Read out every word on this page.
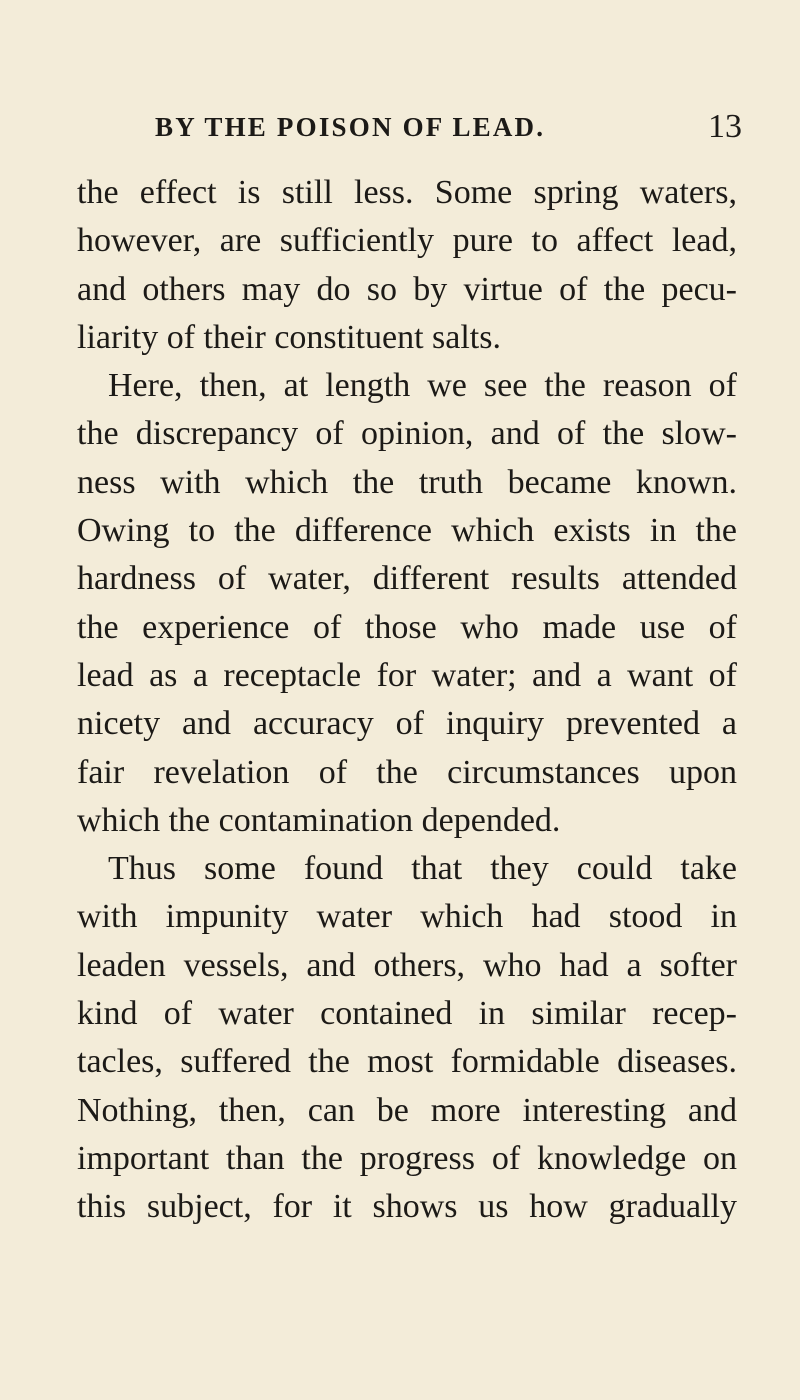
BY THE POISON OF LEAD.	13
the effect is still less. Some spring waters,
however, are sufficiently pure to affect lead,
and others may do so by virtue of the pecu-
liarity of their constituent salts.
Here, then, at length we see the reason of
the discrepancy of opinion, and of the slow-
ness with which the truth became known.
Owing to the difference which exists in the
hardness of water, different results attended
the experience of those who made use of
lead as a receptacle for water; and a want of
nicety and accuracy of inquiry prevented a
fair revelation of the circumstances upon
which the contamination depended.
Thus some found that they could take
with impunity water which had stood in
leaden vessels, and others, who had a softer
kind of water contained in similar recep-
tacles, suffered the most formidable diseases.
Nothing, then, can be more interesting and
important than the progress of knowledge on
this subject, for it shows us how gradually
